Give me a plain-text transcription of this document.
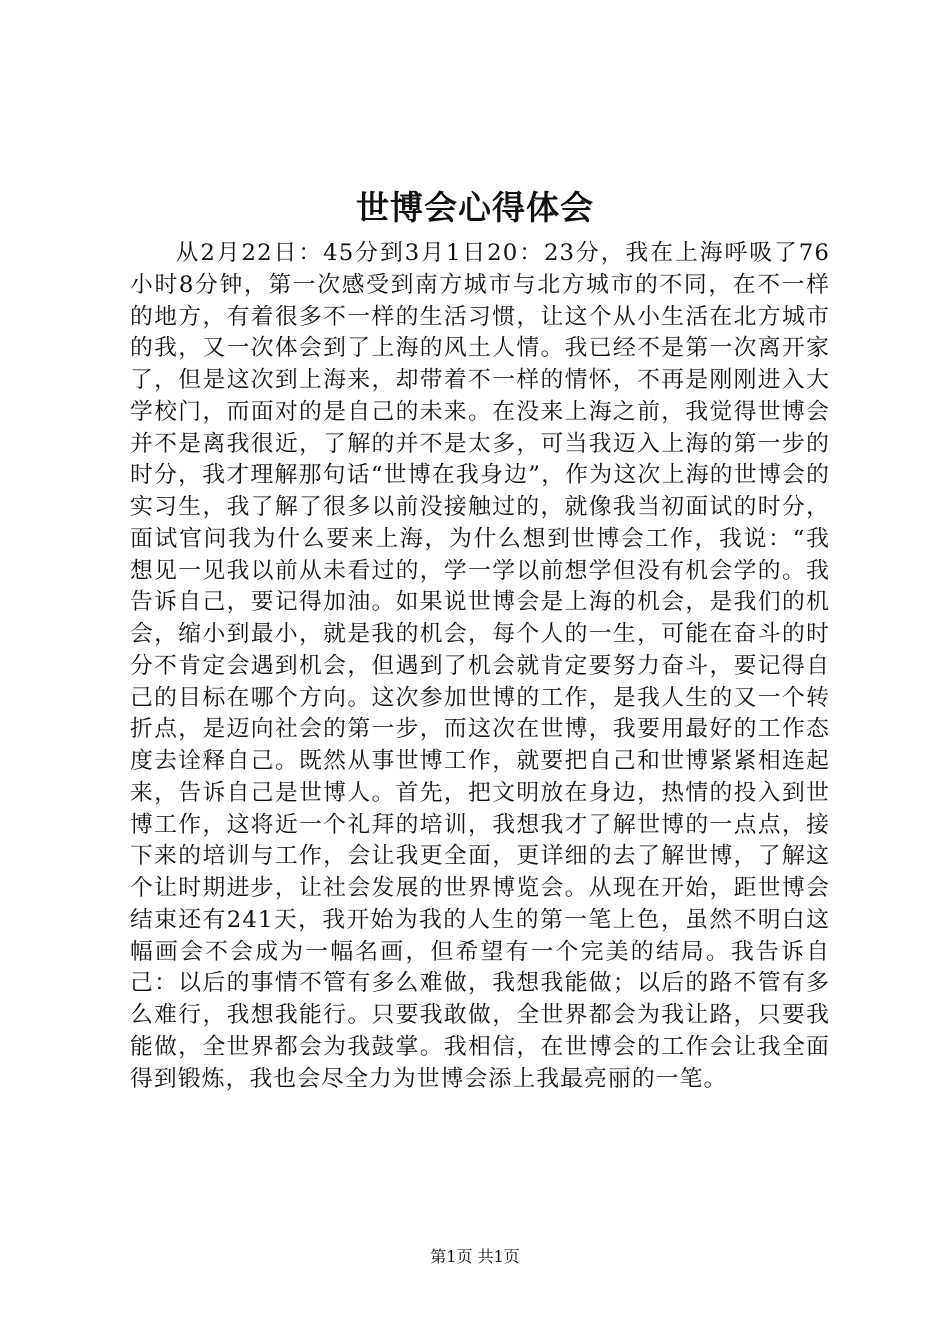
世博会心得体会

从2月22日：45分到3月1日20：23分，我在上海呼吸了76小时8分钟，第一次感受到南方城市与北方城市的不同，在不一样的地方，有着很多不一样的生活习惯，让这个从小生活在北方城市的我，又一次体会到了上海的风土人情。我已经不是第一次离开家了，但是这次到上海来，却带着不一样的情怀，不再是刚刚进入大学校门，而面对的是自己的未来。在没来上海之前，我觉得世博会并不是离我很近，了解的并不是太多，可当我迈入上海的第一步的时分，我才理解那句话“世博在我身边”，作为这次上海的世博会的实习生，我了解了很多以前没接触过的，就像我当初面试的时分，面试官问我为什么要来上海，为什么想到世博会工作，我说：“我想见一见我以前从未看过的，学一学以前想学但没有机会学的。我告诉自己，要记得加油。如果说世博会是上海的机会，是我们的机会，缩小到最小，就是我的机会，每个人的一生，可能在奋斗的时分不肯定会遇到机会，但遇到了机会就肯定要努力奋斗，要记得自己的目标在哪个方向。这次参加世博的工作，是我人生的又一个转折点，是迈向社会的第一步，而这次在世博，我要用最好的工作态度去诠释自己。既然从事世博工作，就要把自己和世博紧紧相连起来，告诉自己是世博人。首先，把文明放在身边，热情的投入到世博工作，这将近一个礼拜的培训，我想我才了解世博的一点点，接下来的培训与工作，会让我更全面，更详细的去了解世博，了解这个让时期进步，让社会发展的世界博览会。从现在开始，距世博会结束还有241天，我开始为我的人生的第一笔上色，虽然不明白这幅画会不会成为一幅名画，但希望有一个完美的结局。我告诉自己：以后的事情不管有多么难做，我想我能做；以后的路不管有多么难行，我想我能行。只要我敢做，全世界都会为我让路，只要我能做，全世界都会为我鼓掌。我相信，在世博会的工作会让我全面得到锻炼，我也会尽全力为世博会添上我最亮丽的一笔。

第1页 共1页
